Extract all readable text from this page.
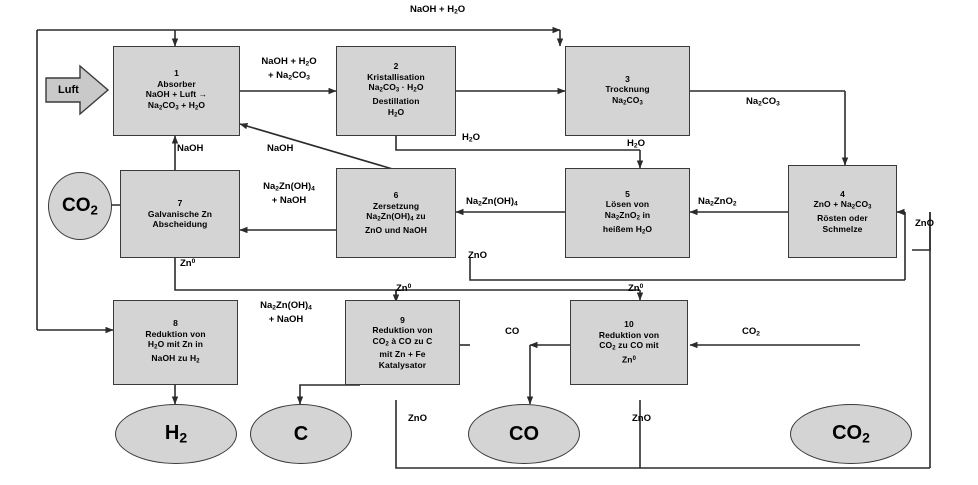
Luft
1
Absorber
NaOH + Luft →
$Na_2CO_3 + H_2O$
2
Kristallisation
$Na_2CO_3 \cdot H_2O$
Destillation
$H_2O$
3
Trocknung
$Na_2CO_3$
4
ZnO + $Na_2CO_3$
Rösten oder
Schmelze
5
Lösen von
$Na_2ZnO_2$ in
heißem $H_2O$
6
Zersetzung
$Na_2Zn(OH)_4$ zu
ZnO und NaOH
7
Galvanische Zn
Abscheidung
8
Reduktion von
$H_2O$ mit Zn in
NaOH zu $H_2$
9
Reduktion von
$CO_2$ à CO zu C
mit Zn + Fe
Katalysator
10
Reduktion von
$CO_2$ zu CO mit
Zn$^0$
$CO_2$
$H_2$	C	CO	$CO_2$
NaOH + $H_2O$
NaOH + $H_2O$
+ $Na_2CO_3$
$Na_2CO_3$
$H_2O$
$H_2O$
NaOH	NaOH
$Na_2Zn(OH)_4$
+ NaOH	$Na_2Zn(OH)_4$	$Na_2ZnO_2$
ZnO
ZnO
Zn$^0$
Zn$^0$	Zn$^0$
$Na_2Zn(OH)_4$
+ NaOH
CO	$CO_2$
ZnO	ZnO
